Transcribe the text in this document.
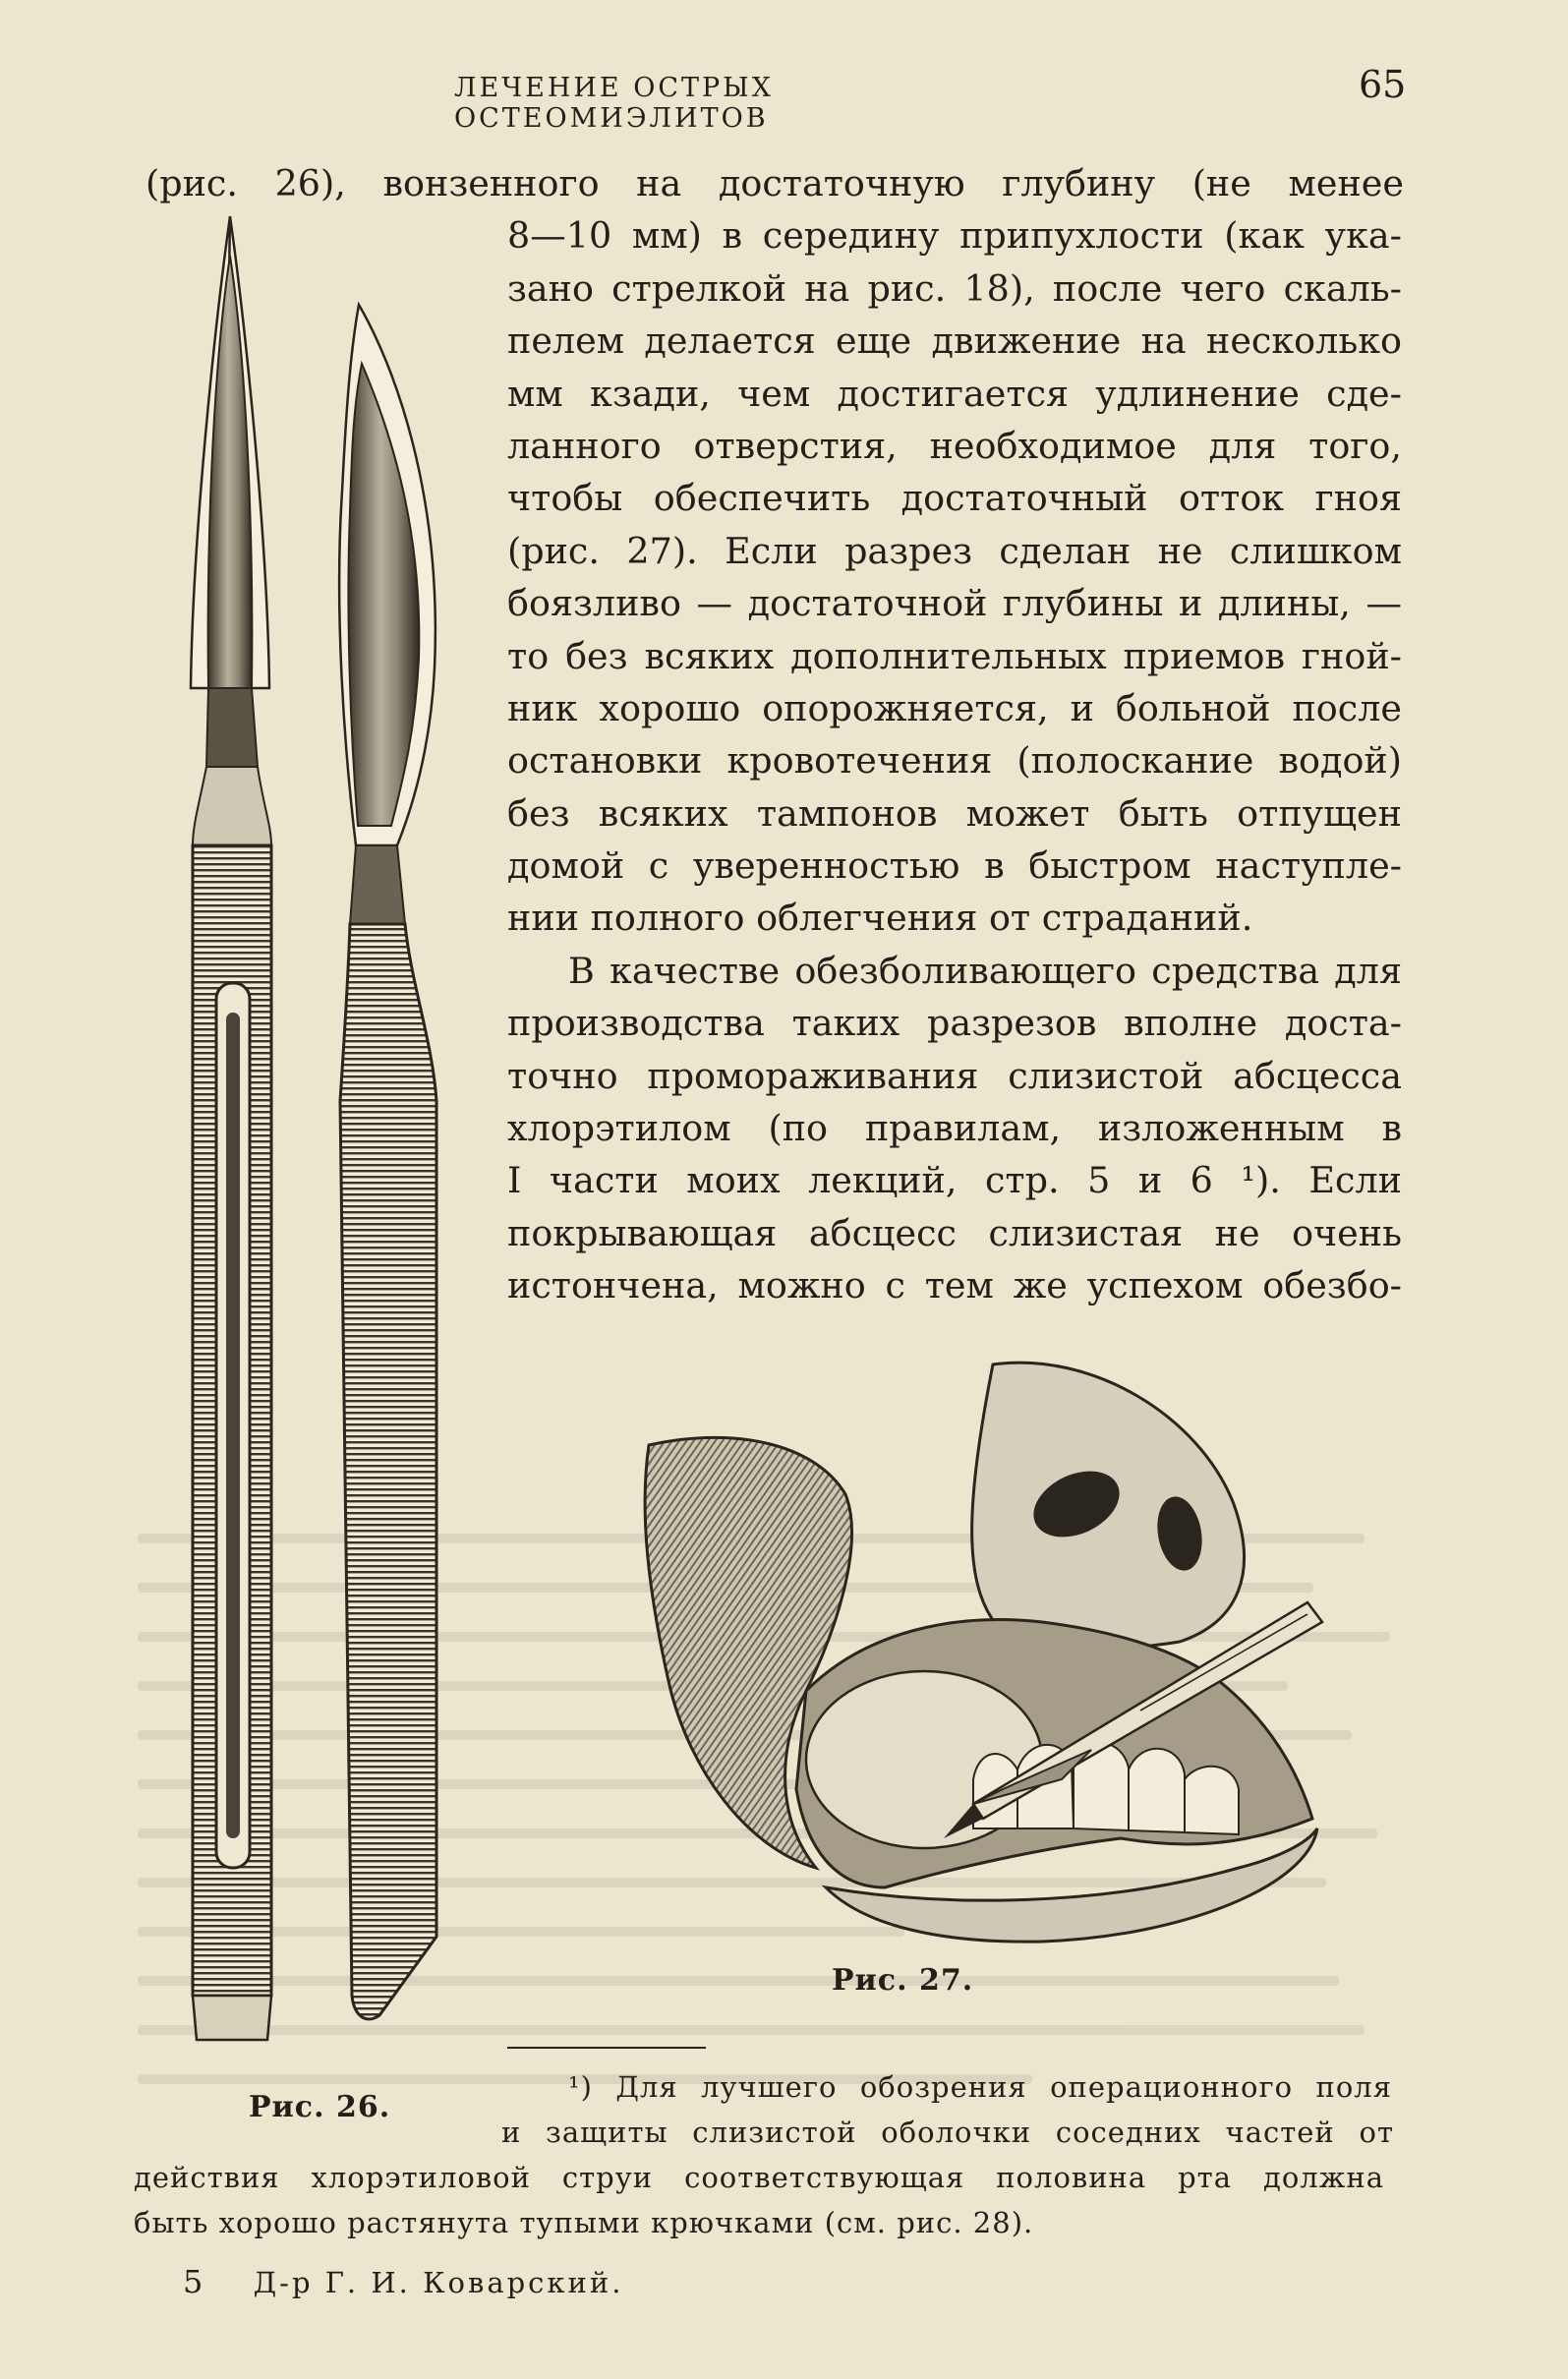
ЛЕЧЕНИЕ ОСТРЫХ ОСТЕОМИЭЛИТОВ
65
(рис. 26), вонзенного на достаточную глубину (не менее
8—10 мм) в середину припухлости (как ука-
зано стрелкой на рис. 18), после чего скаль-
пелем делается еще движение на несколько
мм кзади, чем достигается удлинение сде-
ланного отверстия, необходимое для того,
чтобы обеспечить достаточный отток гноя
(рис. 27). Если разрез сделан не слишком
боязливо — достаточной глубины и длины, —
то без всяких дополнительных приемов гной-
ник хорошо опорожняется, и больной после
остановки кровотечения (полоскание водой)
без всяких тампонов может быть отпущен
домой с уверенностью в быстром наступле-
нии полного облегчения от страданий.
В качестве обезболивающего средства для
производства таких разрезов вполне доста-
точно промораживания слизистой абсцесса
хлорэтилом (по правилам, изложенным в
I части моих лекций, стр. 5 и 6 ¹). Если
покрывающая абсцесс слизистая не очень
истончена, можно с тем же успехом обезбо-
Рис. 26.
Рис. 27.
¹) Для лучшего обозрения операционного поля
и защиты слизистой оболочки соседних частей от
действия хлорэтиловой струи соответствующая половина рта должна
быть хорошо растянута тупыми крючками (см. рис. 28).
5 Д-р Г. И. Коварский.
